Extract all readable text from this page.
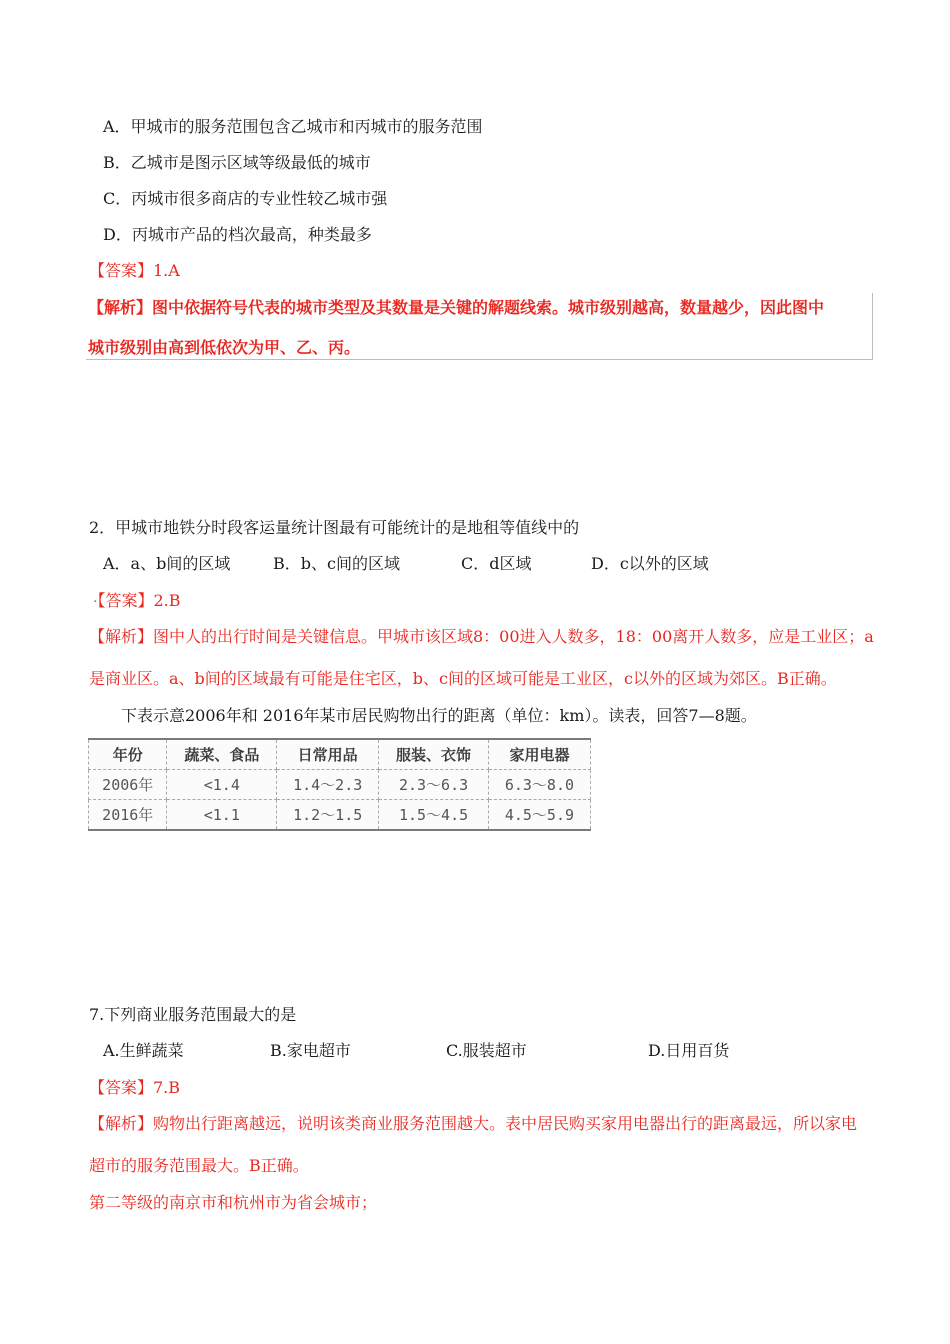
A．甲城市的服务范围包含乙城市和丙城市的服务范围
B．乙城市是图示区域等级最低的城市
C．丙城市很多商店的专业性较乙城市强
D．丙城市产品的档次最高，种类最多
【答案】1.A
【解析】图中依据符号代表的城市类型及其数量是关键的解题线索。城市级别越高，数量越少，因此图中
城市级别由高到低依次为甲、乙、丙。
2．甲城市地铁分时段客运量统计图最有可能统计的是地租等值线中的
A．a、b间的区域	B．b、c间的区域	C．d区域	D．c以外的区域
·【答案】2.B
【解析】图中人的出行时间是关键信息。甲城市该区域8：00进入人数多，18：00离开人数多，应是工业区；a
是商业区。a、b间的区域最有可能是住宅区，b、c间的区域可能是工业区，c以外的区域为郊区。B正确。
下表示意2006年和 2016年某市居民购物出行的距离（单位：km）。读表，回答7—8题。
年份	蔬菜、食品	日常用品	服装、衣饰	家用电器
2006年	<1.4	1.4～2.3	2.3～6.3	6.3～8.0
2016年	<1.1	1.2～1.5	1.5～4.5	4.5～5.9
7.下列商业服务范围最大的是
A.生鲜蔬菜	B.家电超市	C.服装超市	D.日用百货
【答案】7.B
【解析】购物出行距离越远，说明该类商业服务范围越大。表中居民购买家用电器出行的距离最远，所以家电
超市的服务范围最大。B正确。
第二等级的南京市和杭州市为省会城市；
